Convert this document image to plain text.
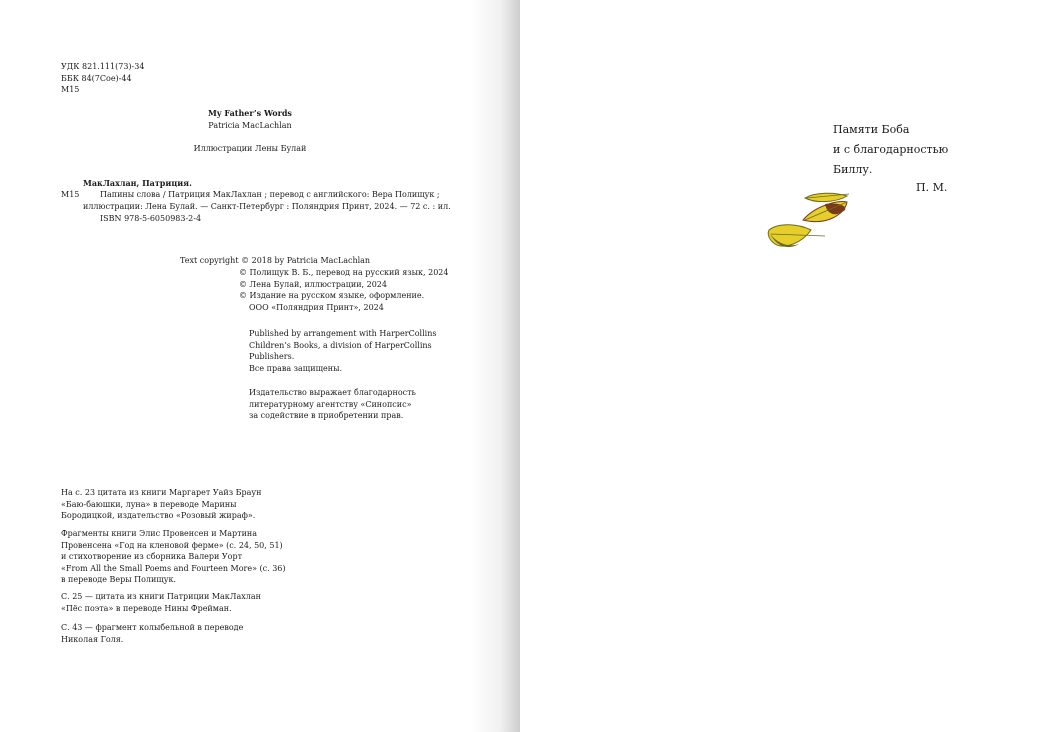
УДК 821.111(73)-34
ББК 84(7Сое)-44
М15
My Father’s Words
Patricia MacLachlan
Иллюстрации Лены Булай
МакЛахлан, Патриция.
М15	Папины слова / Патриция МакЛахлан ; перевод с английского: Вера Полищук ;
иллюстрации: Лена Булай. — Санкт-Петербург : Поляндрия Принт, 2024. — 72 с. : ил.
ISBN 978-5-6050983-2-4
Text copyright © 2018 by Patricia MacLachlan
© Полищук В. Б., перевод на русский язык, 2024
© Лена Булай, иллюстрации, 2024
© Издание на русском языке, оформление.
ООО «Поляндрия Принт», 2024
Published by arrangement with HarperCollins
Children’s Books, a division of HarperCollins
Publishers.
Все права защищены.
Издательство выражает благодарность
литературному агентству «Синопсис»
за содействие в приобретении прав.
На с. 23 цитата из книги Маргарет Уайз Браун
«Баю-баюшки, луна» в переводе Марины
Бородицкой, издательство «Розовый жираф».
Фрагменты книги Элис Провенсен и Мартина
Провенсена «Год на кленовой ферме» (с. 24, 50, 51)
и стихотворение из сборника Валери Уорт
«From All the Small Poems and Fourteen More» (с. 36)
в переводе Веры Полищук.
С. 25 — цитата из книги Патриции МакЛахлан
«Пёс поэта» в переводе Нины Фрейман.
С. 43 — фрагмент колыбельной в переводе
Николая Голя.
Памяти Боба
и с благодарностью
Биллу.
П. М.
